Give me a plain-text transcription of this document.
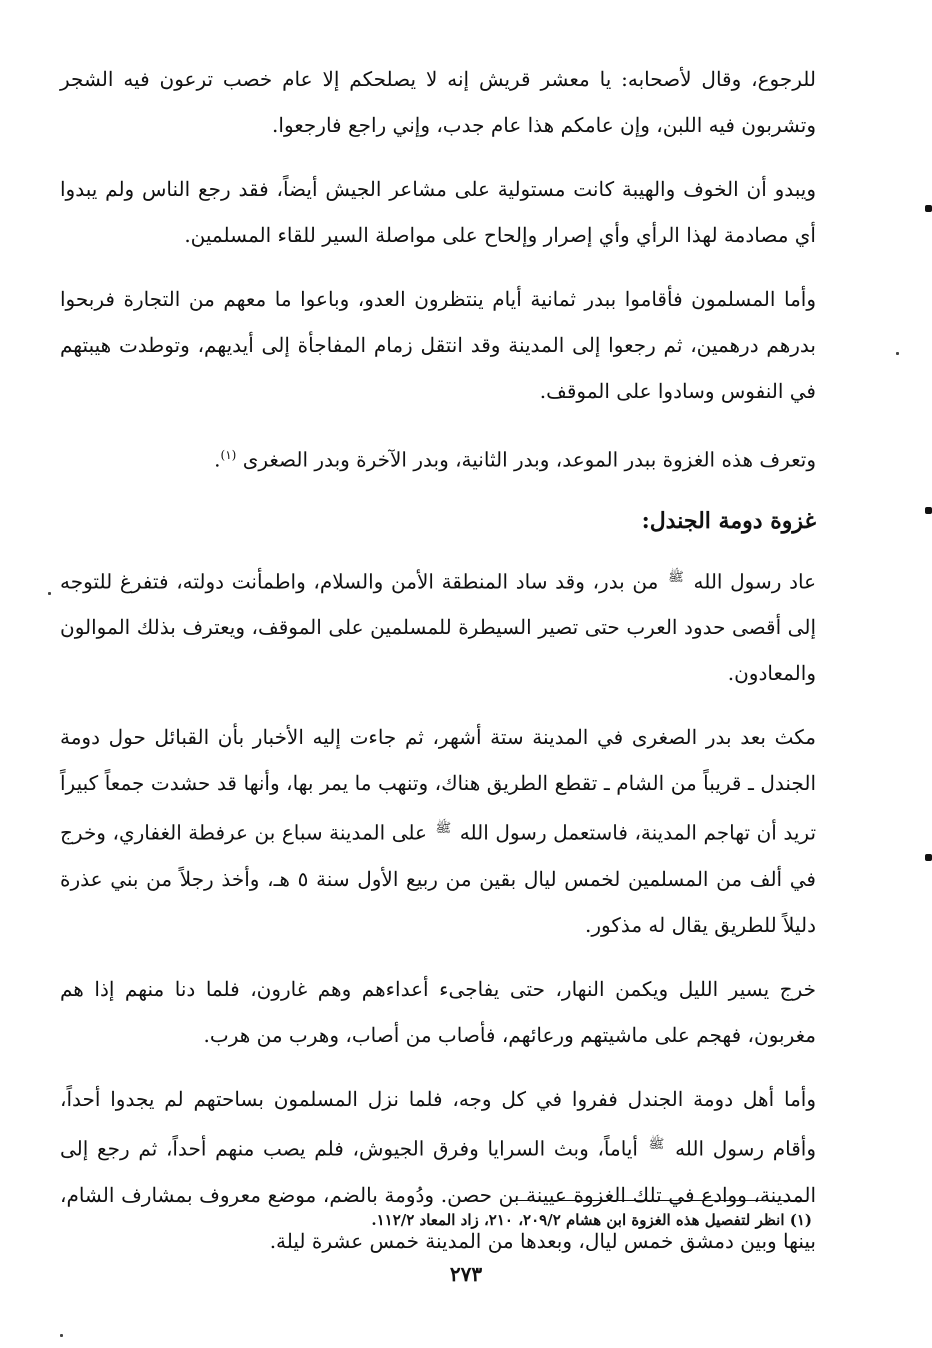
للرجوع، وقال لأصحابه: يا معشر قريش إنه لا يصلحكم إلا عام خصب ترعون فيه الشجر وتشربون فيه اللبن، وإن عامكم هذا عام جدب، وإني راجع فارجعوا.

ويبدو أن الخوف والهيبة كانت مستولية على مشاعر الجيش أيضاً، فقد رجع الناس ولم يبدوا أي مصادمة لهذا الرأي وأي إصرار وإلحاح على مواصلة السير للقاء المسلمين.

وأما المسلمون فأقاموا ببدر ثمانية أيام ينتظرون العدو، وباعوا ما معهم من التجارة فربحوا بدرهم درهمين، ثم رجعوا إلى المدينة وقد انتقل زمام المفاجأة إلى أيديهم، وتوطدت هيبتهم في النفوس وسادوا على الموقف.

وتعرف هذه الغزوة ببدر الموعد، وبدر الثانية، وبدر الآخرة وبدر الصغرى $^{(١)}$.

غزوة دومة الجندل:

عاد رسول الله ﷺ من بدر، وقد ساد المنطقة الأمن والسلام، واطمأنت دولته، فتفرغ للتوجه إلى أقصى حدود العرب حتى تصير السيطرة للمسلمين على الموقف، ويعترف بذلك الموالون والمعادون.

مكث بعد بدر الصغرى في المدينة ستة أشهر، ثم جاءت إليه الأخبار بأن القبائل حول دومة الجندل ـ قريباً من الشام ـ تقطع الطريق هناك، وتنهب ما يمر بها، وأنها قد حشدت جمعاً كبيراً تريد أن تهاجم المدينة، فاستعمل رسول الله ﷺ على المدينة سباع بن عرفطة الغفاري، وخرج في ألف من المسلمين لخمس ليال بقين من ربيع الأول سنة ٥ هـ، وأخذ رجلاً من بني عذرة دليلاً للطريق يقال له مذكور.

خرج يسير الليل ويكمن النهار، حتى يفاجىء أعداءهم وهم غارون، فلما دنا منهم إذا هم مغربون، فهجم على ماشيتهم ورعائهم، فأصاب من أصاب، وهرب من هرب.

وأما أهل دومة الجندل ففروا في كل وجه، فلما نزل المسلمون بساحتهم لم يجدوا أحداً، وأقام رسول الله ﷺ أياماً، وبث السرايا وفرق الجيوش، فلم يصب منهم أحداً، ثم رجع إلى المدينة، ووادع في تلك الغزوة عيينة بن حصن. ودُومة بالضم، موضع معروف بمشارف الشام، بينها وبين دمشق خمس ليال، وبعدها من المدينة خمس عشرة ليلة.

(١) انظر لتفصيل هذه الغزوة ابن هشام ٢٠٩/٢، ٢١٠، زاد المعاد ١١٢/٢.
٢٧٣
